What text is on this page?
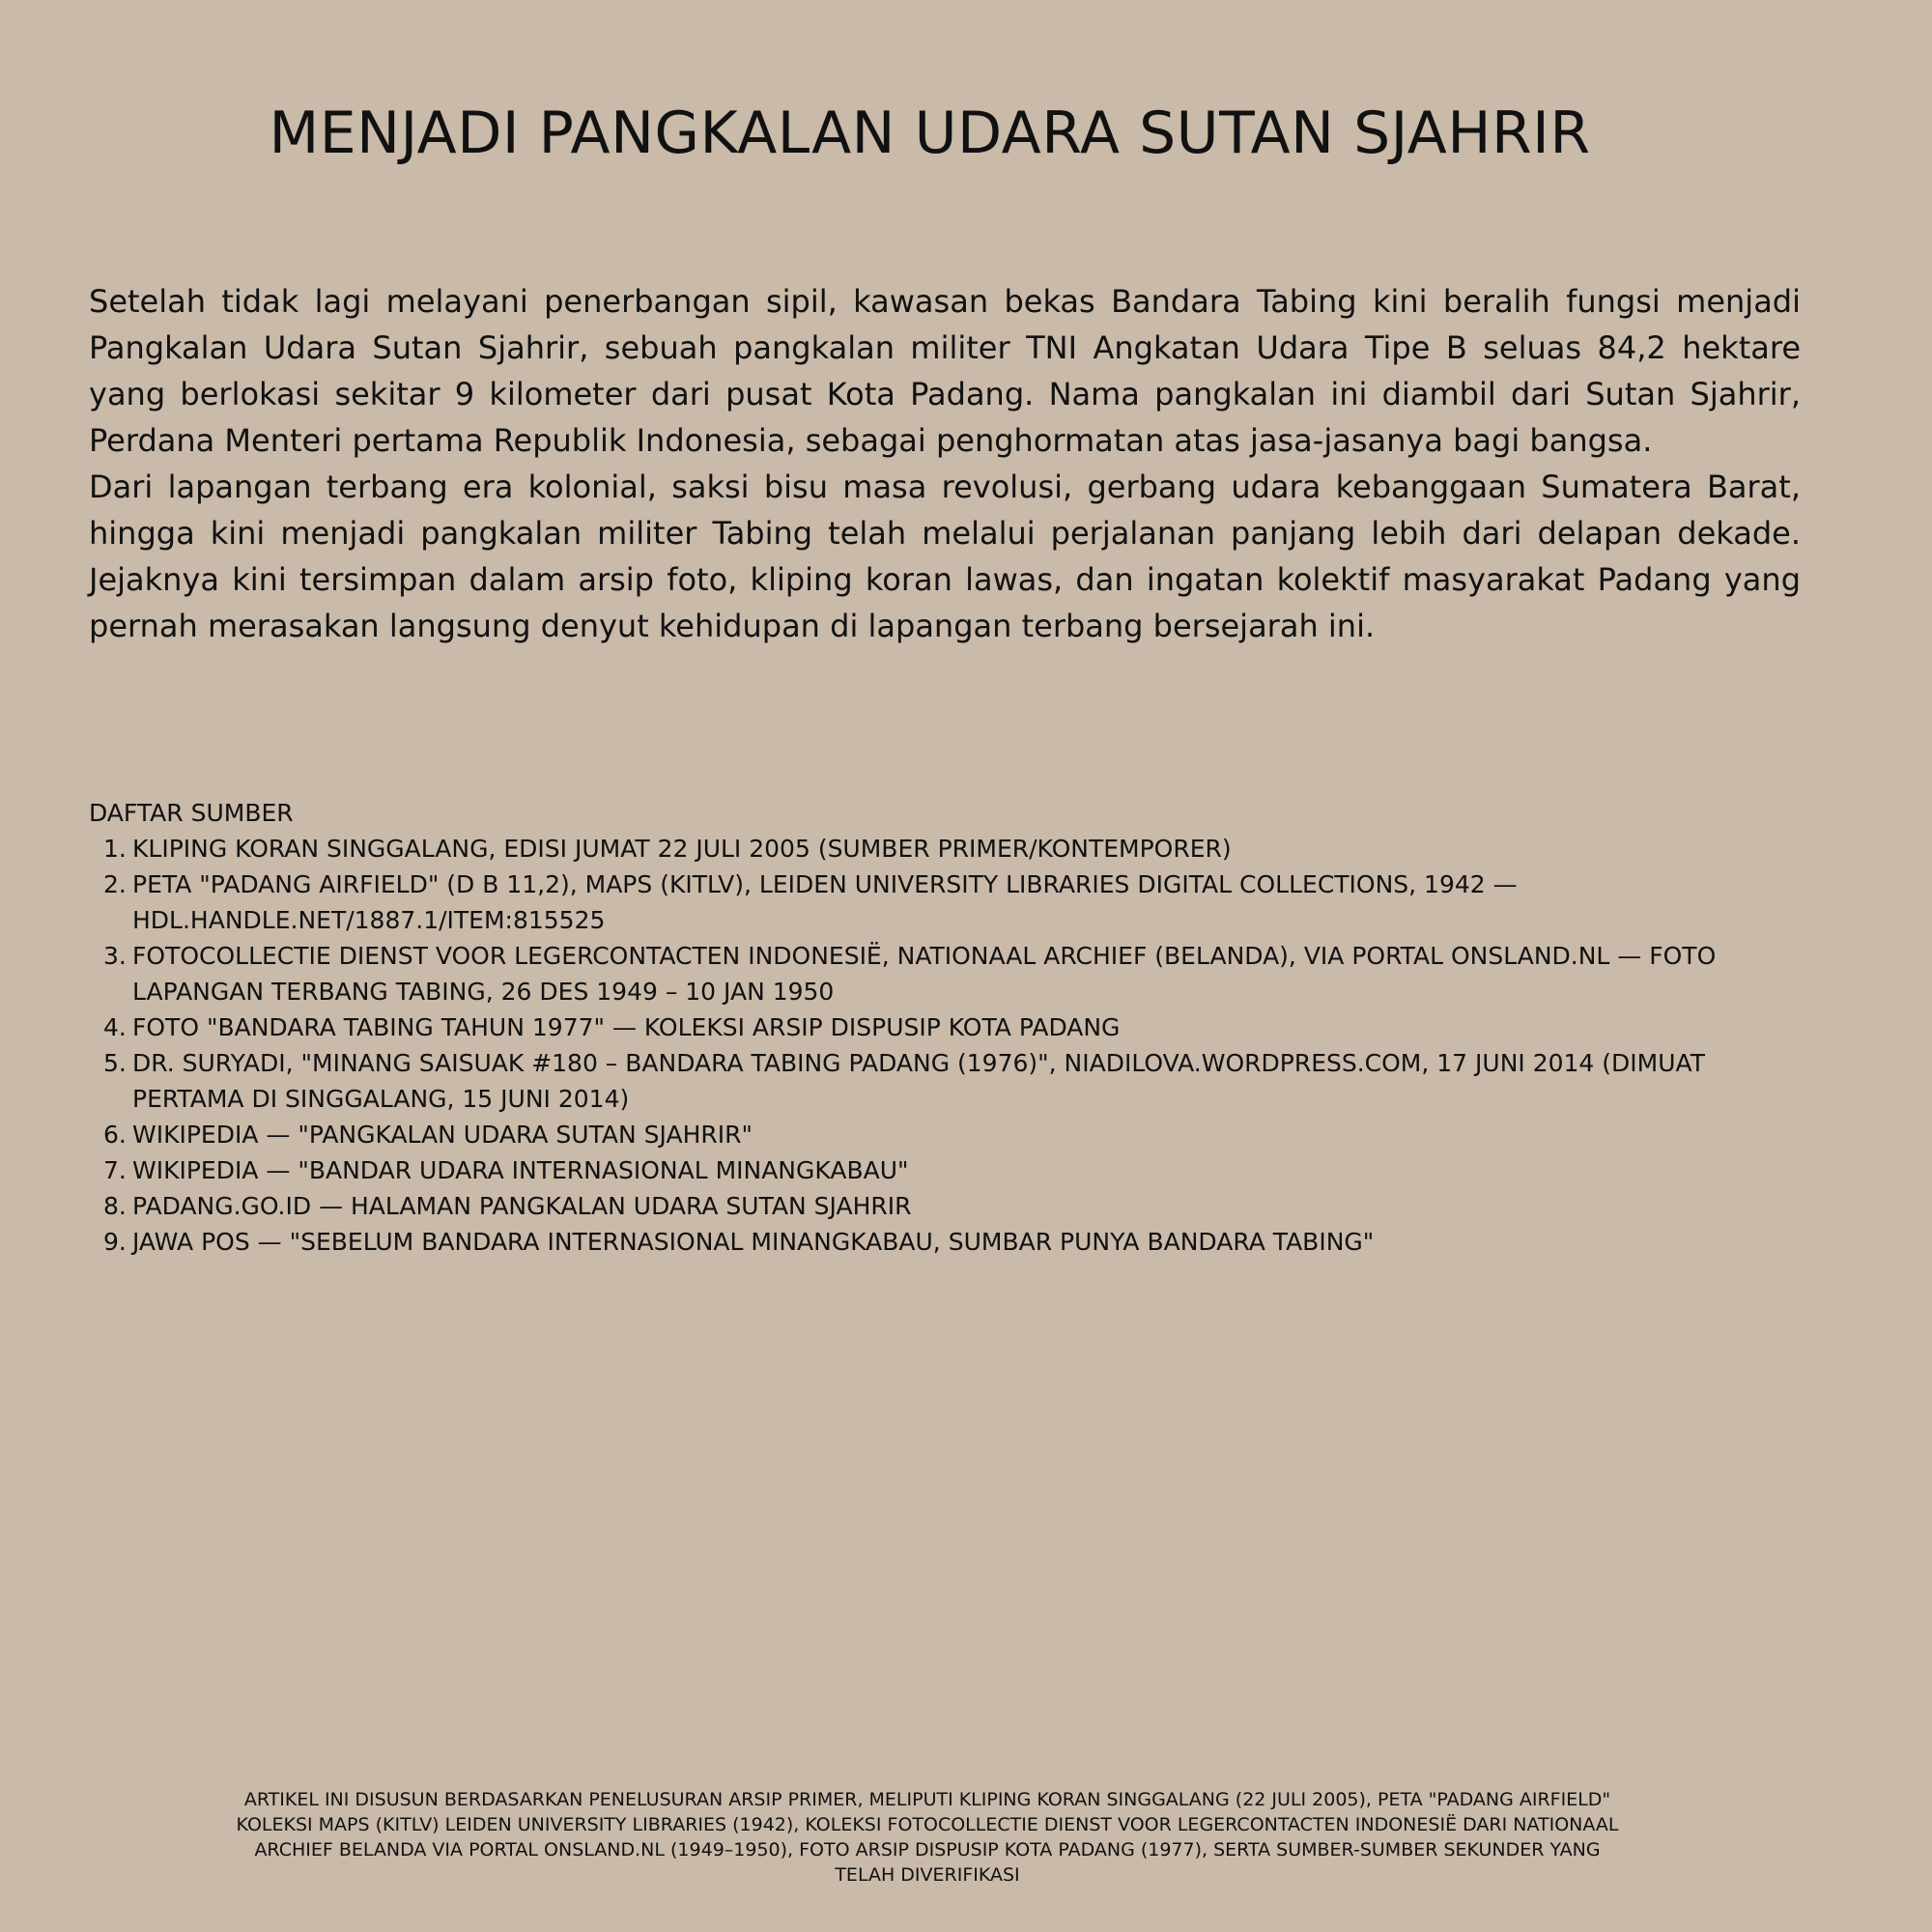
MENJADI PANGKALAN UDARA SUTAN SJAHRIR

Setelah tidak lagi melayani penerbangan sipil, kawasan bekas Bandara Tabing kini beralih fungsi menjadi Pangkalan Udara Sutan Sjahrir, sebuah pangkalan militer TNI Angkatan Udara Tipe B seluas 84,2 hektare yang berlokasi sekitar 9 kilometer dari pusat Kota Padang. Nama pangkalan ini diambil dari Sutan Sjahrir, Perdana Menteri pertama Republik Indonesia, sebagai penghormatan atas jasa-jasanya bagi bangsa.

Dari lapangan terbang era kolonial, saksi bisu masa revolusi, gerbang udara kebanggaan Sumatera Barat, hingga kini menjadi pangkalan militer Tabing telah melalui perjalanan panjang lebih dari delapan dekade. Jejaknya kini tersimpan dalam arsip foto, kliping koran lawas, dan ingatan kolektif masyarakat Padang yang pernah merasakan langsung denyut kehidupan di lapangan terbang bersejarah ini.

DAFTAR SUMBER
1. KLIPING KORAN SINGGALANG, EDISI JUMAT 22 JULI 2005 (SUMBER PRIMER/KONTEMPORER)
2. PETA "PADANG AIRFIELD" (D B 11,2), MAPS (KITLV), LEIDEN UNIVERSITY LIBRARIES DIGITAL COLLECTIONS, 1942 — HDL.HANDLE.NET/1887.1/ITEM:815525
3. FOTOCOLLECTIE DIENST VOOR LEGERCONTACTEN INDONESIË, NATIONAAL ARCHIEF (BELANDA), VIA PORTAL ONSLAND.NL — FOTO LAPANGAN TERBANG TABING, 26 DES 1949 – 10 JAN 1950
4. FOTO "BANDARA TABING TAHUN 1977" — KOLEKSI ARSIP DISPUSIP KOTA PADANG
5. DR. SURYADI, "MINANG SAISUAK #180 – BANDARA TABING PADANG (1976)", NIADILOVA.WORDPRESS.COM, 17 JUNI 2014 (DIMUAT PERTAMA DI SINGGALANG, 15 JUNI 2014)
6. WIKIPEDIA — "PANGKALAN UDARA SUTAN SJAHRIR"
7. WIKIPEDIA — "BANDAR UDARA INTERNASIONAL MINANGKABAU"
8. PADANG.GO.ID — HALAMAN PANGKALAN UDARA SUTAN SJAHRIR
9. JAWA POS — "SEBELUM BANDARA INTERNASIONAL MINANGKABAU, SUMBAR PUNYA BANDARA TABING"
ARTIKEL INI DISUSUN BERDASARKAN PENELUSURAN ARSIP PRIMER, MELIPUTI KLIPING KORAN SINGGALANG (22 JULI 2005), PETA "PADANG AIRFIELD" KOLEKSI MAPS (KITLV) LEIDEN UNIVERSITY LIBRARIES (1942), KOLEKSI FOTOCOLLECTIE DIENST VOOR LEGERCONTACTEN INDONESIË DARI NATIONAAL ARCHIEF BELANDA VIA PORTAL ONSLAND.NL (1949–1950), FOTO ARSIP DISPUSIP KOTA PADANG (1977), SERTA SUMBER-SUMBER SEKUNDER YANG TELAH DIVERIFIKASI
